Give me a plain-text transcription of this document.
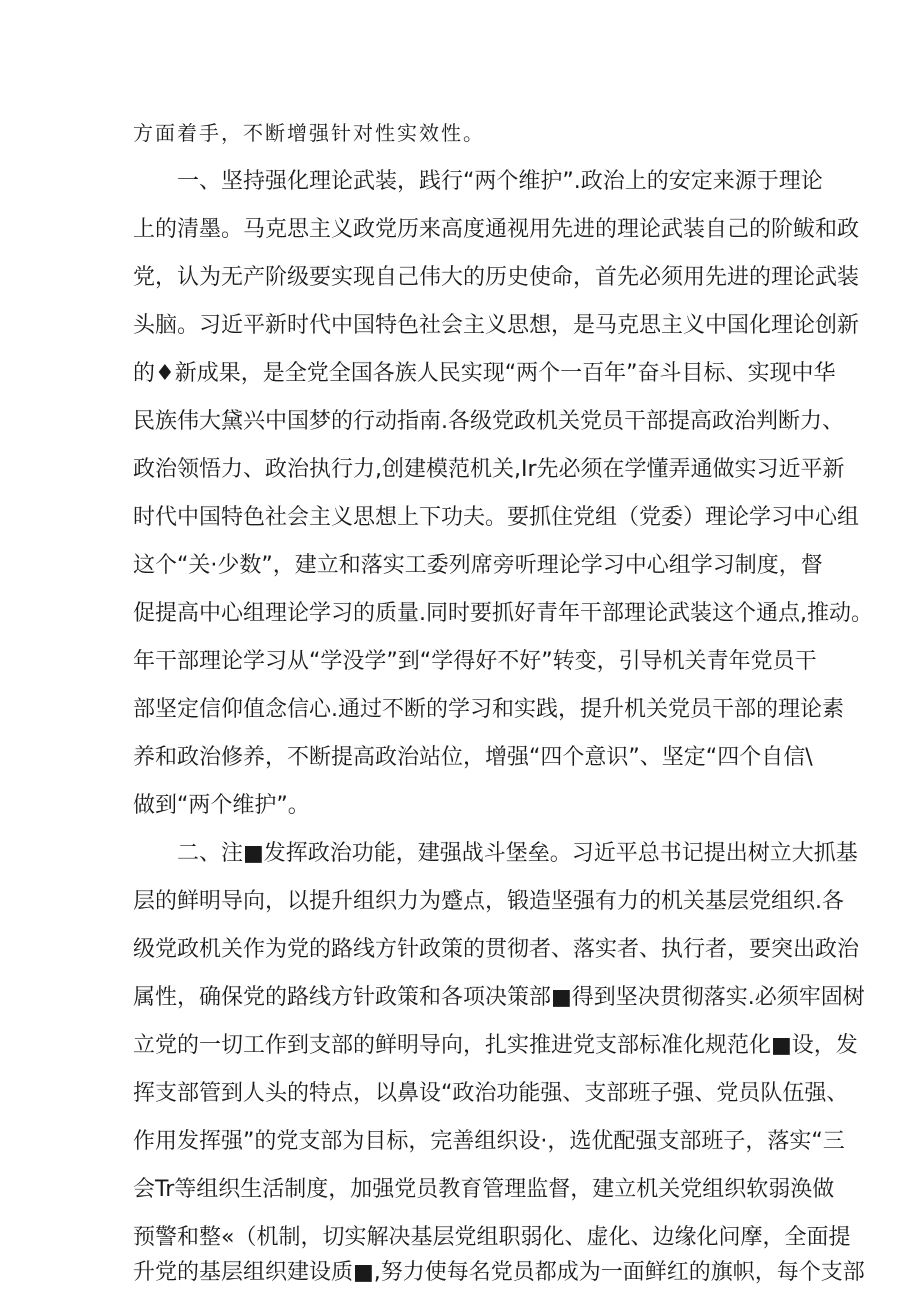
方面着手，不断增强针对性实效性。
一、坚持强化理论武装，践行“两个维护”.政治上的安定来源于理论
上的清墨。马克思主义政党历来高度通视用先进的理论武装自己的阶鲅和政
党，认为无产阶级要实现自己伟大的历史使命，首先必须用先进的理论武装
头脑。习近平新时代中国特色社会主义思想，是马克思主义中国化理论创新
的♦新成果，是全党全国各族人民实现“两个一百年”奋斗目标、实现中华
民族伟大黛兴中国梦的行动指南.各级党政机关党员干部提高政治判断力、
政治领悟力、政治执行力,创建模范机关,Ir先必须在学懂弄通做实习近平新
时代中国特色社会主义思想上下功夫。要抓住党组（党委）理论学习中心组
这个“关·少数”，建立和落实工委列席旁听理论学习中心组学习制度，督
促提高中心组理论学习的质量.同时要抓好青年干部理论武装这个通点,推动。
年干部理论学习从“学没学”到“学得好不好”转变，引导机关青年党员干
部坚定信仰值念信心.通过不断的学习和实践，提升机关党员干部的理论素
养和政治修养，不断提高政治站位，增强“四个意识”、坚定“四个自信\
做到“两个维护”。
二、注■发挥政治功能，建强战斗堡垒。习近平总书记提出树立大抓基
层的鲜明导向，以提升组织力为蹙点，锻造坚强有力的机关基层党组织.各
级党政机关作为党的路线方针政策的贯彻者、落实者、执行者，要突出政治
属性，确保党的路线方针政策和各项决策部■得到坚决贯彻落实.必须牢固树
立党的一切工作到支部的鲜明导向，扎实推进党支部标准化规范化■设，发
挥支部管到人头的特点，以鼻设“政治功能强、支部班子强、党员队伍强、
作用发挥强”的党支部为目标，完善组织设·，选优配强支部班子，落实“三
会Tr等组织生活制度，加强党员教育管理监督，建立机关党组织软弱涣做
预警和整«（机制，切实解决基层党组职弱化、虚化、边缘化问摩，全面提
升党的基层组织建设质■,努力使每名党员都成为一面鲜红的旗帜，每个支部
